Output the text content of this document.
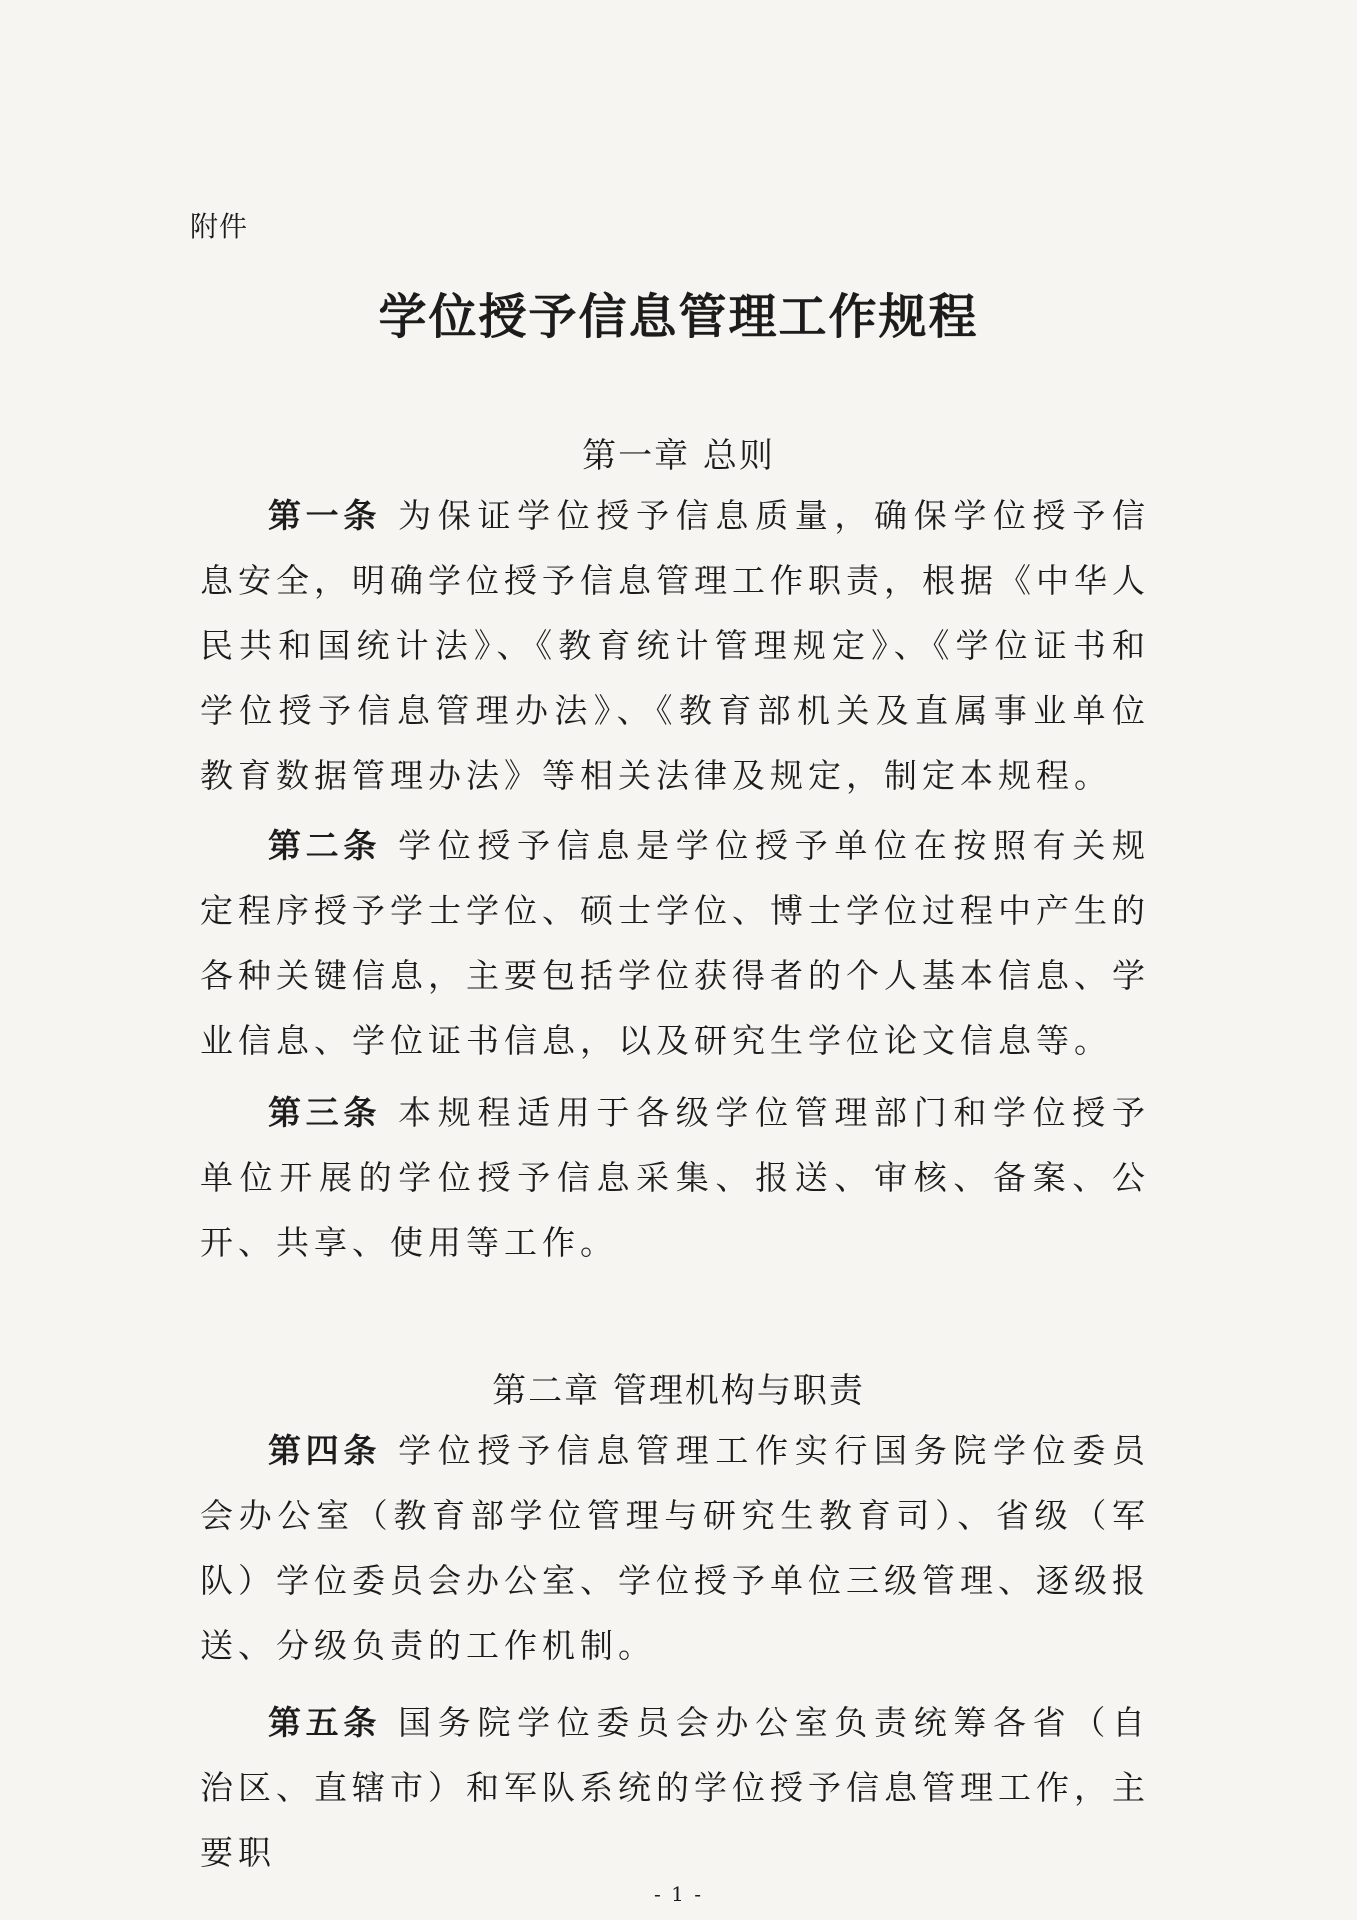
附件
学位授予信息管理工作规程
第一章 总则

第一条 为保证学位授予信息质量，确保学位授予信息安全，明确学位授予信息管理工作职责，根据《中华人民共和国统计法》、《教育统计管理规定》、《学位证书和学位授予信息管理办法》、《教育部机关及直属事业单位教育数据管理办法》等相关法律及规定，制定本规程。

第二条 学位授予信息是学位授予单位在按照有关规定程序授予学士学位、硕士学位、博士学位过程中产生的各种关键信息，主要包括学位获得者的个人基本信息、学业信息、学位证书信息，以及研究生学位论文信息等。

第三条 本规程适用于各级学位管理部门和学位授予单位开展的学位授予信息采集、报送、审核、备案、公开、共享、使用等工作。

第二章 管理机构与职责

第四条 学位授予信息管理工作实行国务院学位委员会办公室（教育部学位管理与研究生教育司）、省级（军队）学位委员会办公室、学位授予单位三级管理、逐级报送、分级负责的工作机制。

第五条 国务院学位委员会办公室负责统筹各省（自治区、直辖市）和军队系统的学位授予信息管理工作，主要职

- 1 -
